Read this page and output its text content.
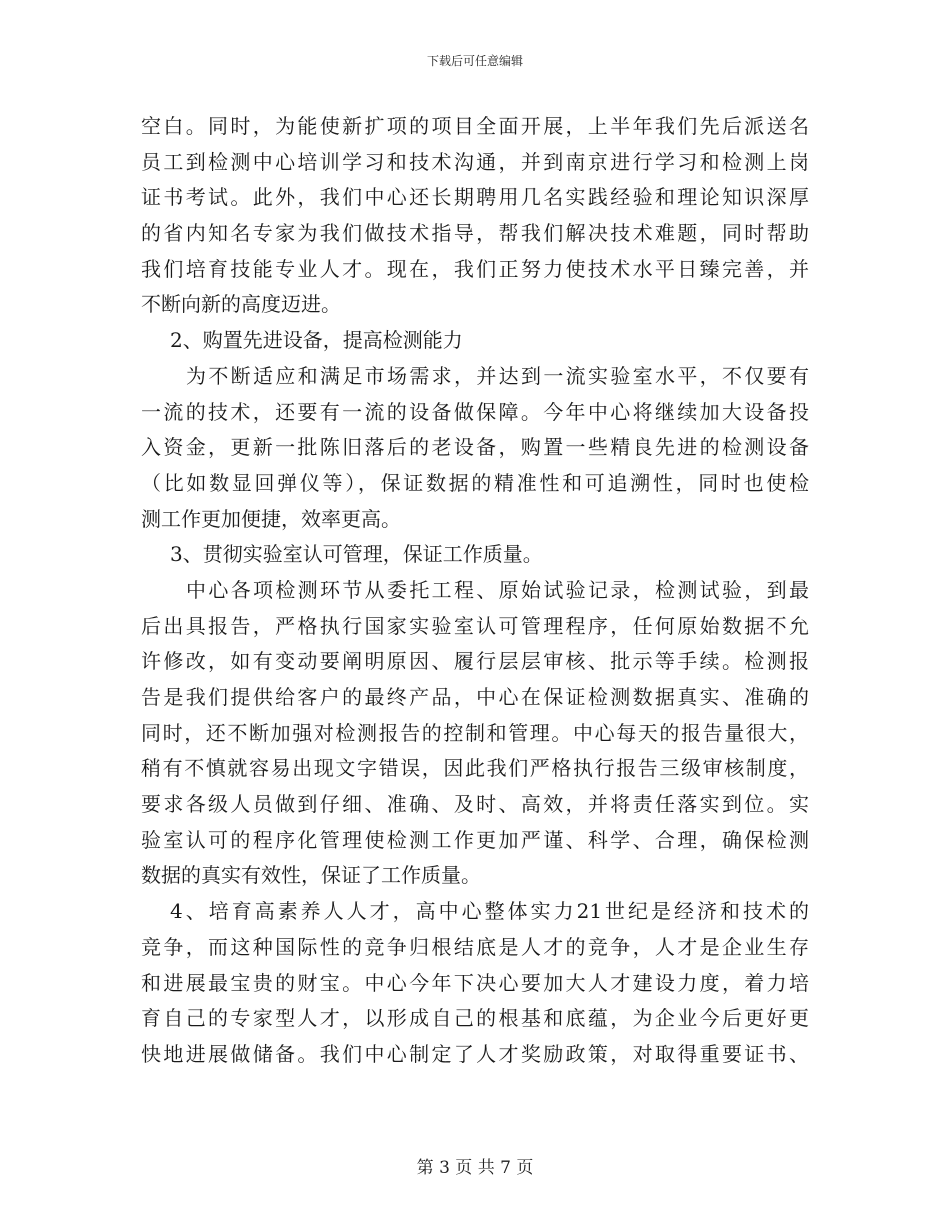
下载后可任意编辑
空白。同时，为能使新扩项的项目全面开展，上半年我们先后派送名
员工到检测中心培训学习和技术沟通，并到南京进行学习和检测上岗
证书考试。此外，我们中心还长期聘用几名实践经验和理论知识深厚
的省内知名专家为我们做技术指导，帮我们解决技术难题，同时帮助
我们培育技能专业人才。现在，我们正努力使技术水平日臻完善，并
不断向新的高度迈进。
2、购置先进设备，提高检测能力
为不断适应和满足市场需求，并达到一流实验室水平，不仅要有
一流的技术，还要有一流的设备做保障。今年中心将继续加大设备投
入资金，更新一批陈旧落后的老设备，购置一些精良先进的检测设备
（比如数显回弹仪等），保证数据的精准性和可追溯性，同时也使检
测工作更加便捷，效率更高。
3、贯彻实验室认可管理，保证工作质量。
中心各项检测环节从委托工程、原始试验记录，检测试验，到最
后出具报告，严格执行国家实验室认可管理程序，任何原始数据不允
许修改，如有变动要阐明原因、履行层层审核、批示等手续。检测报
告是我们提供给客户的最终产品，中心在保证检测数据真实、准确的
同时，还不断加强对检测报告的控制和管理。中心每天的报告量很大，
稍有不慎就容易出现文字错误，因此我们严格执行报告三级审核制度，
要求各级人员做到仔细、准确、及时、高效，并将责任落实到位。实
验室认可的程序化管理使检测工作更加严谨、科学、合理，确保检测
数据的真实有效性，保证了工作质量。
4、培育高素养人人才，高中心整体实力21世纪是经济和技术的
竞争，而这种国际性的竞争归根结底是人才的竞争，人才是企业生存
和进展最宝贵的财宝。中心今年下决心要加大人才建设力度，着力培
育自己的专家型人才，以形成自己的根基和底蕴，为企业今后更好更
快地进展做储备。我们中心制定了人才奖励政策，对取得重要证书、
第 3 页 共 7 页
